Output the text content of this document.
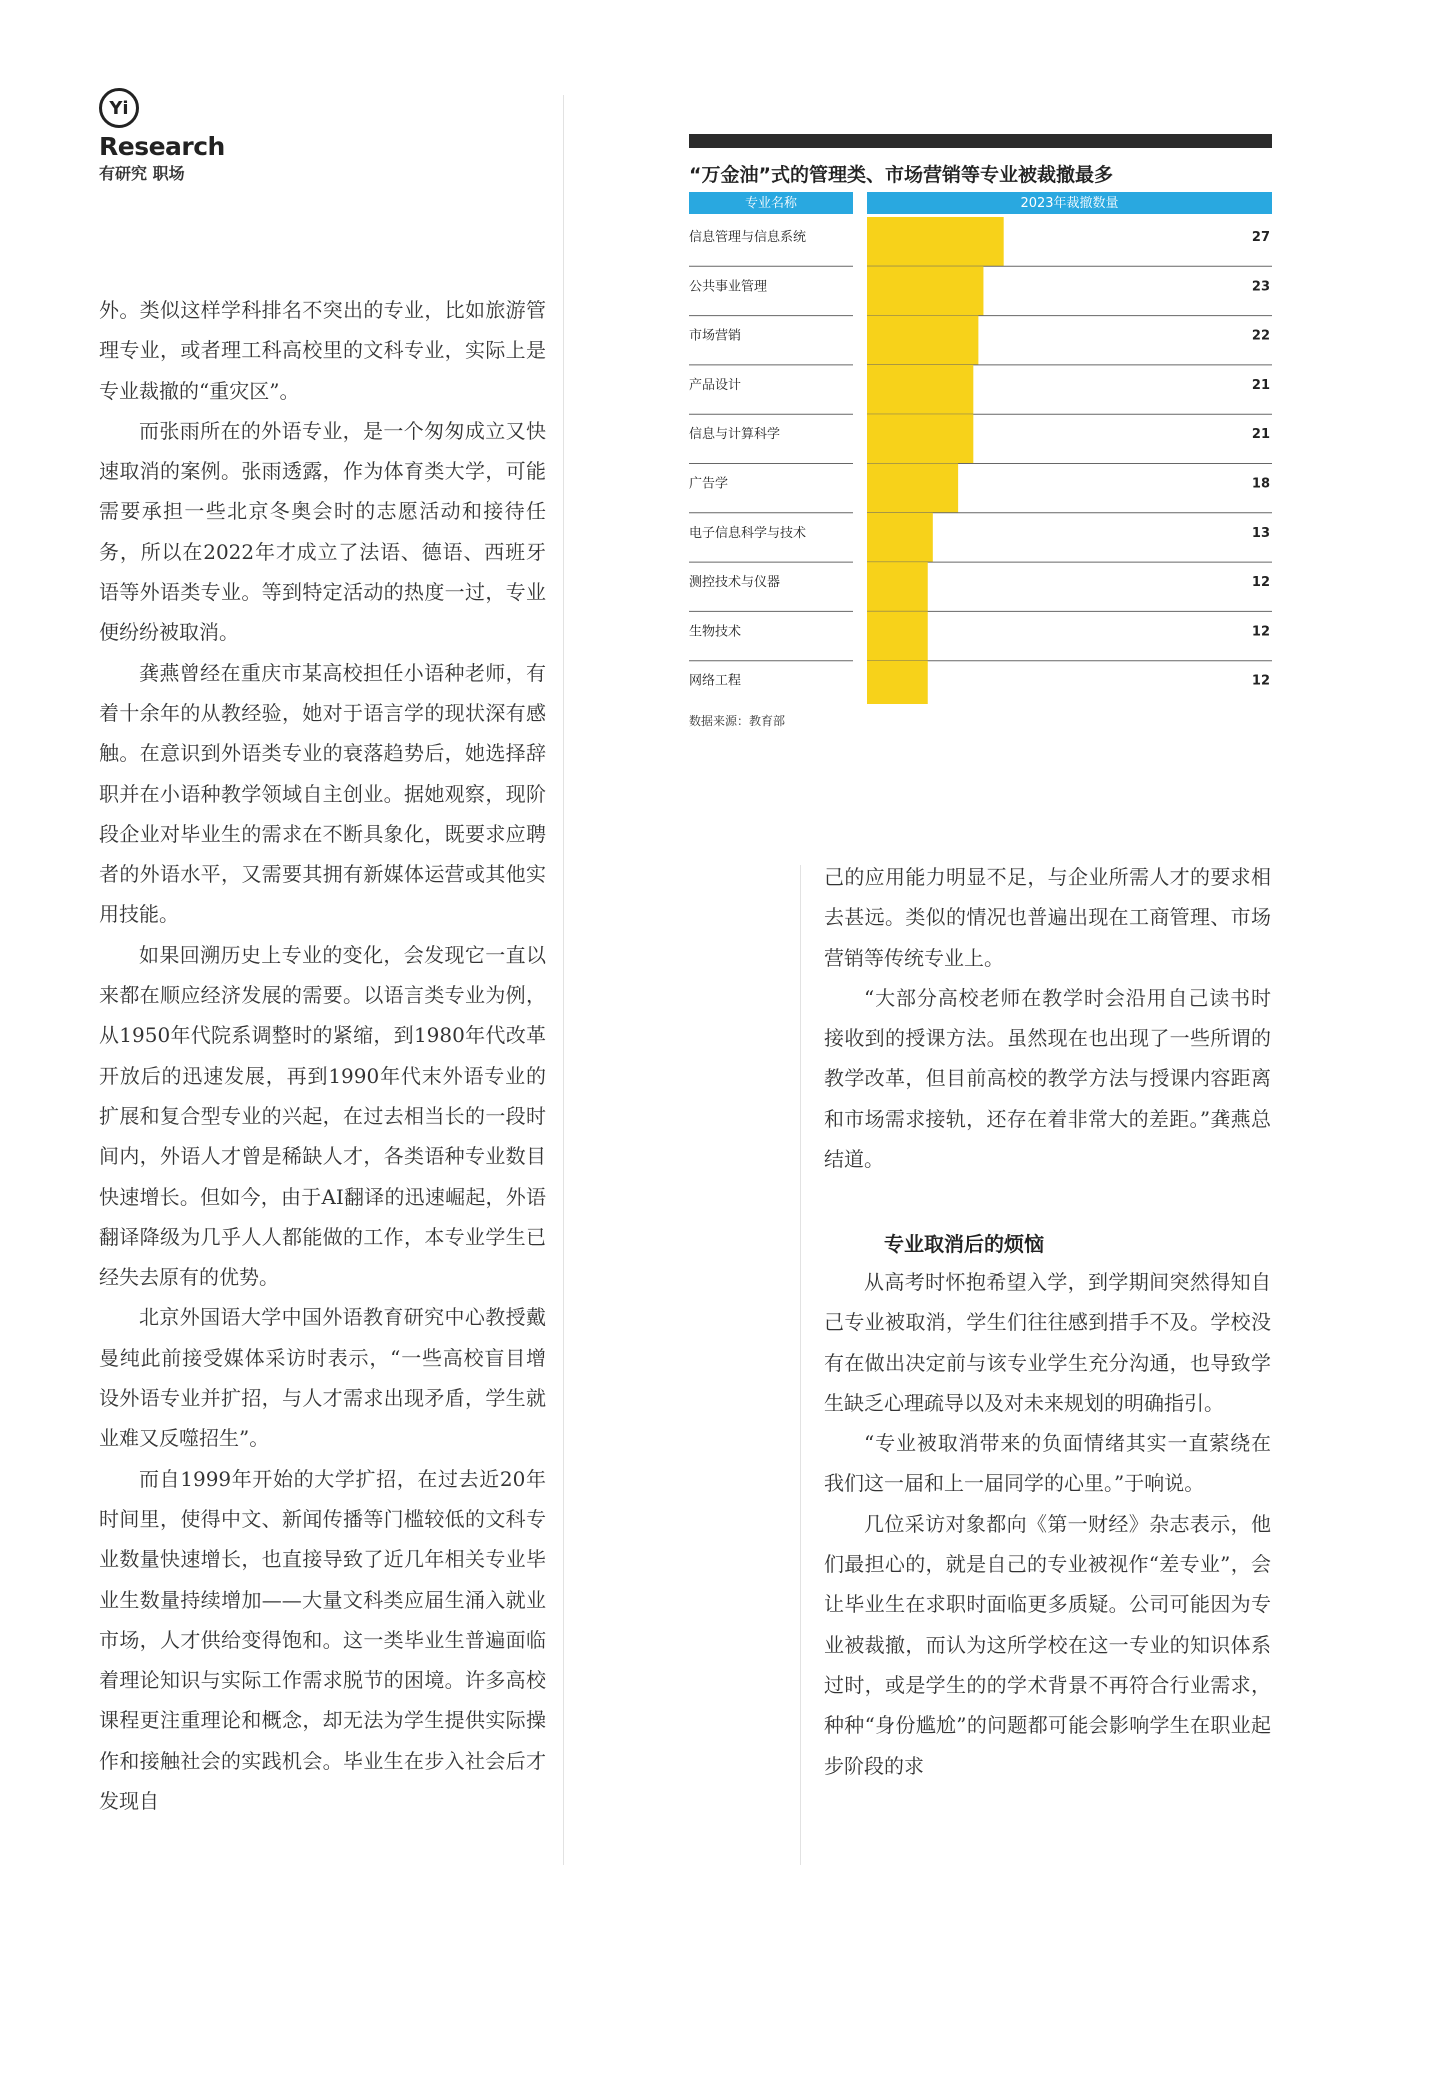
Yi
Research
有研究 职场

外。类似这样学科排名不突出的专业，比如旅游管理专业，或者理工科高校里的文科专业，实际上是专业裁撤的“重灾区”。

而张雨所在的外语专业，是一个匆匆成立又快速取消的案例。张雨透露，作为体育类大学，可能需要承担一些北京冬奥会时的志愿活动和接待任务，所以在2022年才成立了法语、德语、西班牙语等外语类专业。等到特定活动的热度一过，专业便纷纷被取消。

龚燕曾经在重庆市某高校担任小语种老师，有着十余年的从教经验，她对于语言学的现状深有感触。在意识到外语类专业的衰落趋势后，她选择辞职并在小语种教学领域自主创业。据她观察，现阶段企业对毕业生的需求在不断具象化，既要求应聘者的外语水平，又需要其拥有新媒体运营或其他实用技能。

如果回溯历史上专业的变化，会发现它一直以来都在顺应经济发展的需要。以语言类专业为例，从1950年代院系调整时的紧缩，到1980年代改革开放后的迅速发展，再到1990年代末外语专业的扩展和复合型专业的兴起，在过去相当长的一段时间内，外语人才曾是稀缺人才，各类语种专业数目快速增长。但如今，由于AI翻译的迅速崛起，外语翻译降级为几乎人人都能做的工作，本专业学生已经失去原有的优势。

北京外国语大学中国外语教育研究中心教授戴曼纯此前接受媒体采访时表示，“一些高校盲目增设外语专业并扩招，与人才需求出现矛盾，学生就业难又反噬招生”。

而自1999年开始的大学扩招，在过去近20年时间里，使得中文、新闻传播等门槛较低的文科专业数量快速增长，也直接导致了近几年相关专业毕业生数量持续增加——大量文科类应届生涌入就业市场，人才供给变得饱和。这一类毕业生普遍面临着理论知识与实际工作需求脱节的困境。许多高校课程更注重理论和概念，却无法为学生提供实际操作和接触社会的实践机会。毕业生在步入社会后才发现自

“万金油”式的管理类、市场营销等专业被裁撤最多
专业名称	2023年裁撤数量
信息管理与信息系统	27
公共事业管理	23
市场营销	22
产品设计	21
信息与计算科学	21
广告学	18
电子信息科学与技术	13
测控技术与仪器	12
生物技术	12
网络工程	12
数据来源：教育部

己的应用能力明显不足，与企业所需人才的要求相去甚远。类似的情况也普遍出现在工商管理、市场营销等传统专业上。

“大部分高校老师在教学时会沿用自己读书时接收到的授课方法。虽然现在也出现了一些所谓的教学改革，但目前高校的教学方法与授课内容距离和市场需求接轨，还存在着非常大的差距。”龚燕总结道。

专业取消后的烦恼

从高考时怀抱希望入学，到学期间突然得知自己专业被取消，学生们往往感到措手不及。学校没有在做出决定前与该专业学生充分沟通，也导致学生缺乏心理疏导以及对未来规划的明确指引。

“专业被取消带来的负面情绪其实一直萦绕在我们这一届和上一届同学的心里。”于响说。

几位采访对象都向《第一财经》杂志表示，他们最担心的，就是自己的专业被视作“差专业”，会让毕业生在求职时面临更多质疑。公司可能因为专业被裁撤，而认为这所学校在这一专业的知识体系过时，或是学生的的学术背景不再符合行业需求，种种“身份尴尬”的问题都可能会影响学生在职业起步阶段的求
